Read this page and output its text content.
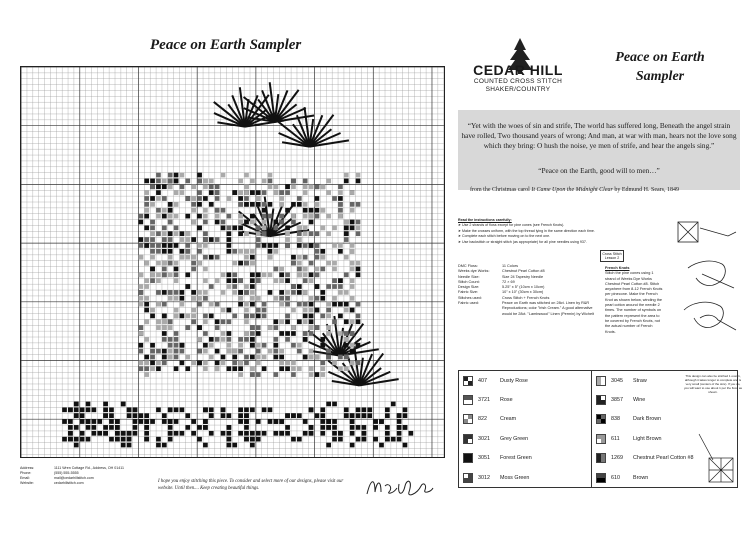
Peace on Earth Sampler
Address:	1111 Wren Cottage Rd., Address, OH 01411
Phone:	(555) 555-5555
Email:	mail@cedarhillstitch.com
Website:	cedarhillstitch.com	I hope you enjoy stitching this piece. To consider and select more of our designs, please visit our website. Until then.... Keep creating beautiful things.
CEDAR HILL
COUNTED CROSS STITCH
SHAKER/COUNTRY
Peace on Earth
Sampler
“Yet with the woes of sin and strife, The world has suffered long, Beneath the angel strain have rolled, Two thousand years of wrong; And man, at war with man, hears not the love song which they bring: O hush the noise, ye men of strife, and hear the angels sing.”
“Peace on the Earth, good will to men…”
from the Christmas carol It Came Upon the Midnight Clear by Edmund H. Sears, 1849
Read the instructions carefully:
➤ Use 2 strands of floss except for pine cones (see French Knots).
➤ Make the crosses uniform, with the top thread lying in the same direction each time.
➤ Complete each stitch before moving on to the next one.
➤ Use backstitch or straight stitch (as appropriate) for all pine needles using 937.
Cross Stitch Lesson 2
DMC Floss:	11 Colors
Weeks dye Works:	Chestnut Pearl Cotton #8
Needle Size:	Size 24 Tapestry Needle
Stitch Count:	72 × 69
Design Size:	5.25" x 5" (10cm x 10cm)
Fabric Size:	10" x 10" (30cm x 30cm)
Stitches used:	Cross Stitch + French Knots
Fabric used:	Peace on Earth was stitched on 28ct. Linen by R&R Reproductions; color "Irish Cream." A good alternative would be 28ct. "Lambswool" Linen (Permin) by Wichelt
French Knots
Stitch the pine cones using 1 strand of Weeks Dye Works Chestnut Pearl Cotton #8. Stitch anywhere from 8-12 French Knots per pinecone. Make the French Knot as shown below, winding the pearl cotton around the needle 2 times. The number of symbols on the pattern represent the area to be covered by French Knots, not the actual number of French Knots.
407	Dusty Rose
3721	Rose
822	Cream
3021	Grey Green
3051	Forest Green
3012	Moss Green
3045	Straw
3857	Wine
838	Dark Brown
611	Light Brown
1269	Chestnut Pearl Cotton #8
610	Brown
This design can also be stitched 1 over 1, although it takes longer to complete and is very small (centers of the size). If you do, you will want to use about 1 per the floss as shown.
